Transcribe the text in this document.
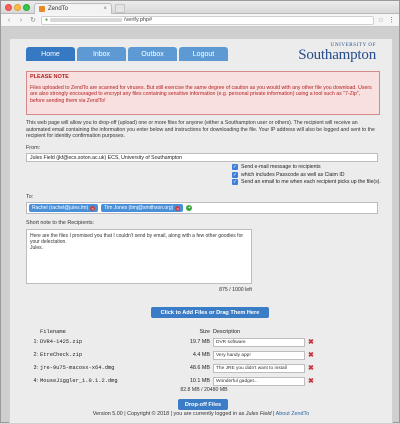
ZendTo	×
‹	›	↻ ●	/verify.php#	☆ ⋮
Home	Inbox	Outbox	Logout
UNIVERSITY OF
Southampton
PLEASE NOTE

Files uploaded to ZendTo are scanned for viruses. But still exercise the same degree of caution as you would with any other file you download. Users are also strongly encouraged to encrypt any files containing sensitive information (e.g. personal private information) using a tool such as "7-Zip", before sending them via ZendTo!

This web page will allow you to drop-off (upload) one or more files for anyone (either a Southampton user or others). The recipient will receive an automated email containing the information you enter below and instructions for downloading the file. Your IP address will also be logged and sent to the recipient for identity confirmation purposes.
From:
Jules Field (jkf@ecs.soton.ac.uk) ECS, University of Southampton
✓ Send e-mail message to recipients
✓ which includes Passcode as well as Claim ID
✓ Send an email to me when each recipient picks up the file(s).
To:
Rachel (rachel@jules.fm) × Tim Jones (timj@smithson.org) ×	+
Short note to the Recipients:
Here are the files I promised you that I couldn't send by email, along with a few other goodies for your delectation.
Jules.
875 / 1000 left
Click to Add Files or Drag Them Here
Filename	Size Description
1: DVR4-1425.zip	19.7 MB	DVR software	✖
2: EtreCheck.zip	4.4 MB	Very handy app!	✖
3: jre-9u75-macosx-x64.dmg	48.6 MB	The JRE you didn't want to install	✖
4: MouseJiggler_1.0.1.2.dmg	10.1 MB	Wonderful gadget...	✖
82.8 MB / 20480 MB
Drop-off Files
Version 5.00 | Copyright © 2018 | you are currently logged in as Jules Field | About ZendTo
